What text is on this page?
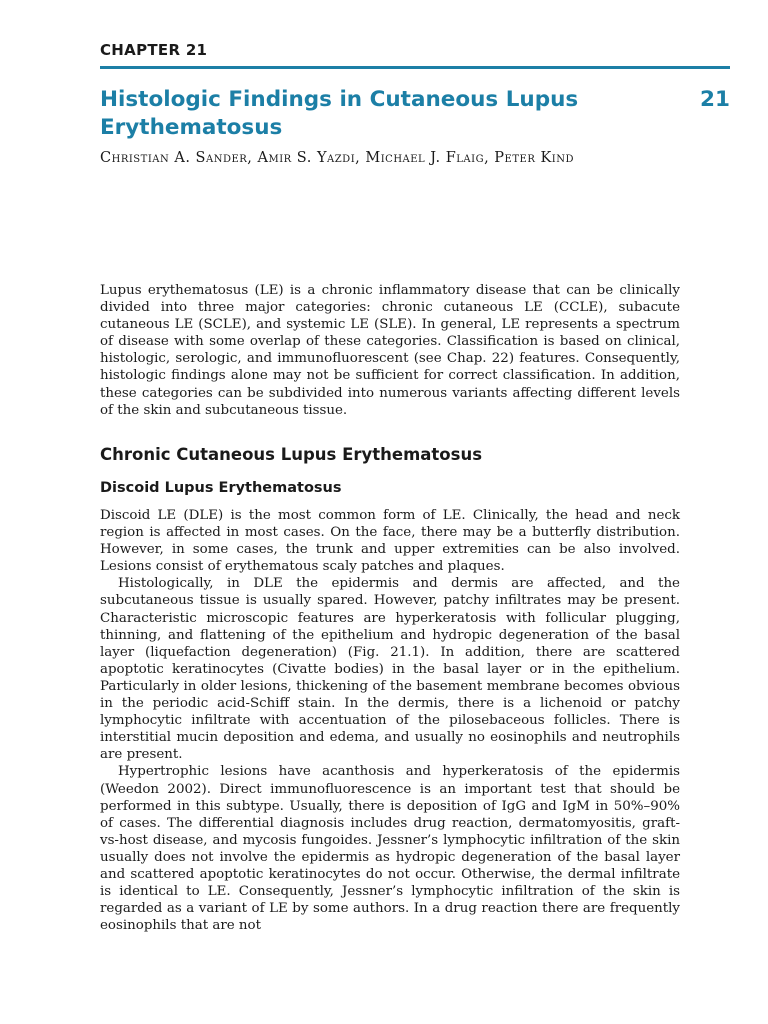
CHAPTER 21
Histologic Findings in Cutaneous Lupus Erythematosus
21
Christian A. Sander, Amir S. Yazdi, Michael J. Flaig, Peter Kind

Lupus erythematosus (LE) is a chronic inflammatory disease that can be clinically divided into three major categories: chronic cutaneous LE (CCLE), subacute cutaneous LE (SCLE), and systemic LE (SLE). In general, LE represents a spectrum of disease with some overlap of these categories. Classification is based on clinical, histologic, serologic, and immunofluorescent (see Chap. 22) features. Consequently, histologic findings alone may not be sufficient for correct classification. In addition, these categories can be subdivided into numerous variants affecting different levels of the skin and subcutaneous tissue.

Chronic Cutaneous Lupus Erythematosus
Discoid Lupus Erythematosus

Discoid LE (DLE) is the most common form of LE. Clinically, the head and neck region is affected in most cases. On the face, there may be a butterfly distribution. However, in some cases, the trunk and upper extremities can be also involved. Lesions consist of erythematous scaly patches and plaques.

Histologically, in DLE the epidermis and dermis are affected, and the subcutaneous tissue is usually spared. However, patchy infiltrates may be present. Characteristic microscopic features are hyperkeratosis with follicular plugging, thinning, and flattening of the epithelium and hydropic degeneration of the basal layer (liquefaction degeneration) (Fig. 21.1). In addition, there are scattered apoptotic keratinocytes (Civatte bodies) in the basal layer or in the epithelium. Particularly in older lesions, thickening of the basement membrane becomes obvious in the periodic acid-Schiff stain. In the dermis, there is a lichenoid or patchy lymphocytic infiltrate with accentuation of the pilosebaceous follicles. There is interstitial mucin deposition and edema, and usually no eosinophils and neutrophils are present.

Hypertrophic lesions have acanthosis and hyperkeratosis of the epidermis (Weedon 2002). Direct immunofluorescence is an important test that should be performed in this subtype. Usually, there is deposition of IgG and IgM in 50%–90% of cases. The differential diagnosis includes drug reaction, dermatomyositis, graft-vs-host disease, and mycosis fungoides. Jessner’s lymphocytic infiltration of the skin usually does not involve the epidermis as hydropic degeneration of the basal layer and scattered apoptotic keratinocytes do not occur. Otherwise, the dermal infiltrate is identical to LE. Consequently, Jessner’s lymphocytic infiltration of the skin is regarded as a variant of LE by some authors. In a drug reaction there are frequently eosinophils that are not
